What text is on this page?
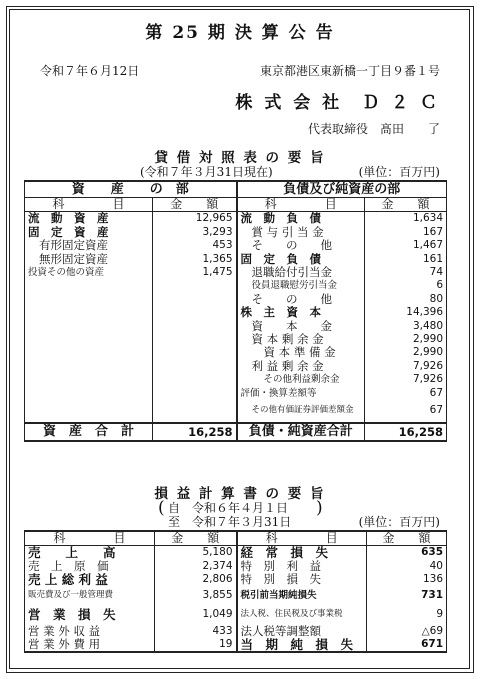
第 25 期 決 算 公 告
令和７年６月12日	東京都港区東新橋一丁目９番１号
株 式 会 社　Ｄ ２ Ｃ
代表取締役　髙田　　了
貸 借 対 照 表 の 要 旨
(令和７年３月31日現在)	(単位：百万円)
資　　産　　の　部		負債及び純資産の部	
科　　　　目	金　　額	科　　　　目	金　　額
流　動　資　産	12,965	流　動　負　債	1,634
固　定　資　産	3,293	賞 与 引 当 金	167
有形固定資産	453	そ　　の　　他	1,467
無形固定資産	1,365	固　定　負　債	161
投資その他の資産	1,475	退職給付引当金	74
		役員退職慰労引当金	6
		そ　　の　　他	80
		株　主　資　本	14,396
		資　　本　　金	3,480
		資 本 剰 余 金	2,990
		資 本 準 備 金	2,990
		利 益 剰 余 金	7,926
		その他利益剰余金	7,926
		評価・換算差額等	67
		その他有価証券評価差額金	67
資　産　合　計	16,258	負債・純資産合計	16,258
損 益 計 算 書 の 要 旨
( 自　令和６年４月１日
至　令和７年３月31日
)
(単位：百万円)
科　　　　目	金　　額	科　　　　目	金　　額
売　　上　　高	5,180	経　常　損　失	635
売　上　原　価	2,374	特　別　利　益	40
売 上 総 利 益	2,806	特　別　損　失	136
販売費及び一般管理費	3,855	税引前当期純損失	731
営　業　損　失	1,049	法人税、住民税及び事業税	9
営 業 外 収 益	433	法人税等調整額	△69
営 業 外 費 用	19	当　期　純　損　失	671
